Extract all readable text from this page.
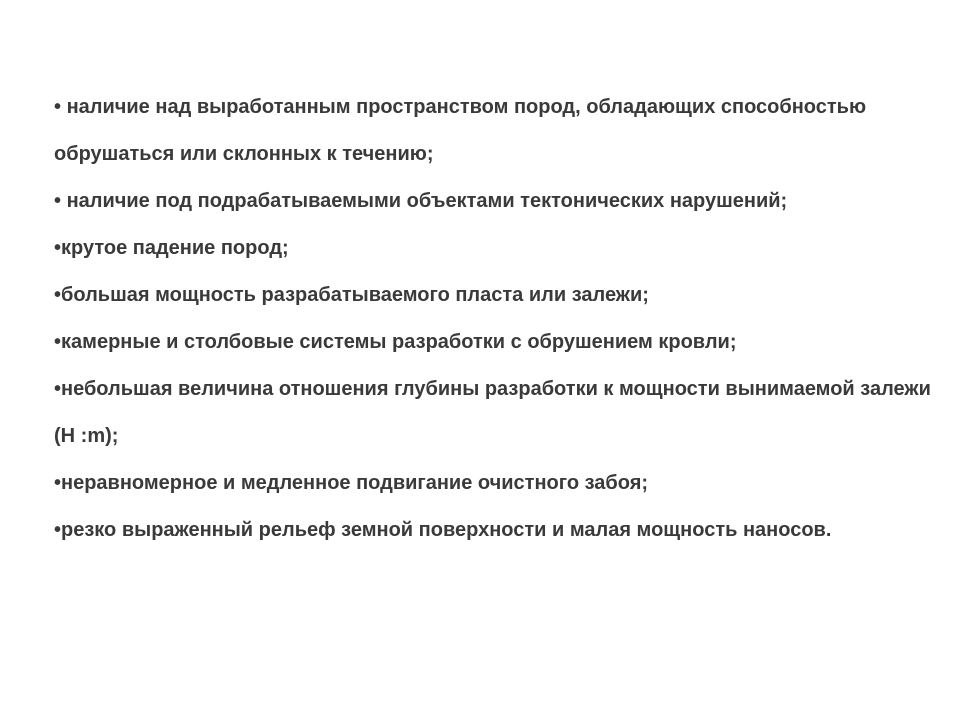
• наличие над выработанным пространством пород, обладающих способностью обрушаться или склонных к течению;

• наличие под подрабатываемыми объектами тектонических нарушений;

•крутое падение пород;

•большая мощность разрабатываемого пласта или залежи;

•камерные и столбовые системы разработки с обрушением кровли;

•небольшая величина отношения глубины разработки к мощности вынимаемой залежи (Н :m);

•неравномерное и медленное подвигание очистного забоя;

•резко выраженный рельеф земной поверхности и малая мощность наносов.
